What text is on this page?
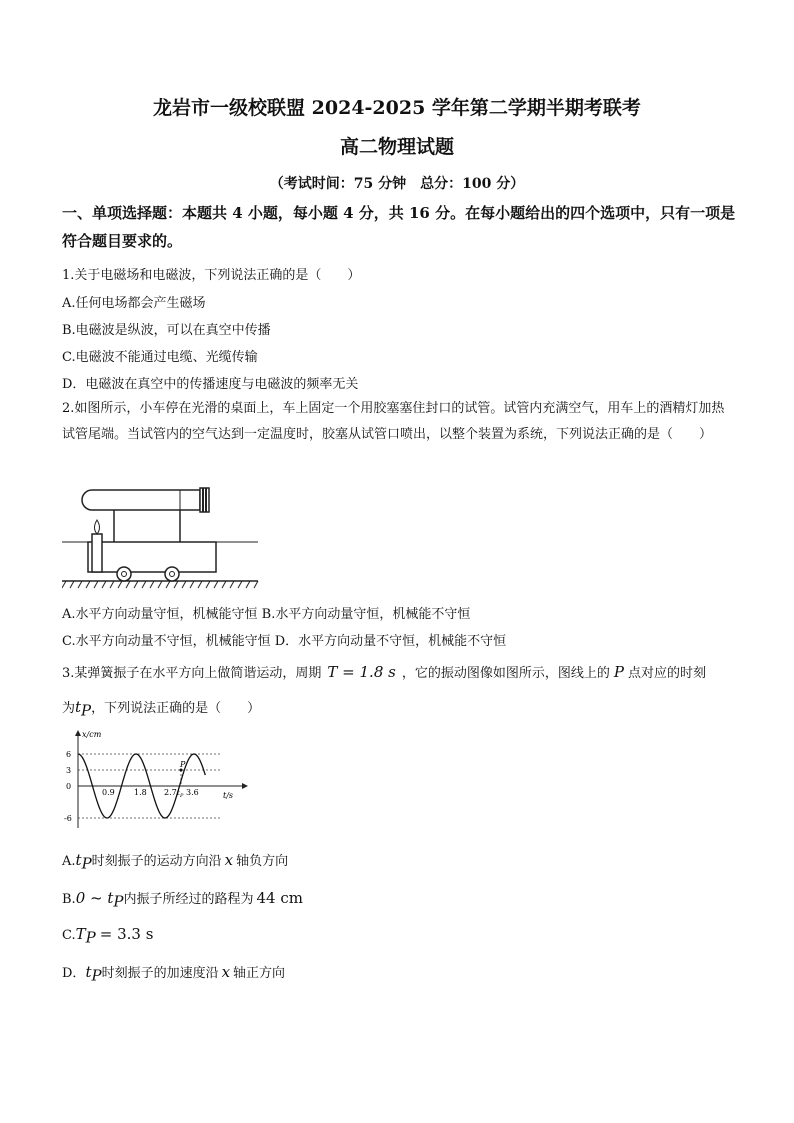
龙岩市一级校联盟 2024-2025 学年第二学期半期考联考
高二物理试题
（考试时间：75 分钟　总分：100 分）
一、单项选择题：本题共 4 小题，每小题 4 分，共 16 分。在每小题给出的四个选项中，只有一项是符合题目要求的。
1.关于电磁场和电磁波，下列说法正确的是（　　）
A.任何电场都会产生磁场
B.电磁波是纵波，可以在真空中传播
C.电磁波不能通过电缆、光缆传输
D．电磁波在真空中的传播速度与电磁波的频率无关
2.如图所示，小车停在光滑的桌面上，车上固定一个用胶塞塞住封口的试管。试管内充满空气，用车上的酒精灯加热试管尾端。当试管内的空气达到一定温度时，胶塞从试管口喷出，以整个装置为系统，下列说法正确的是（　　）
A.水平方向动量守恒，机械能守恒 B.水平方向动量守恒，机械能不守恒
C.水平方向动量不守恒，机械能守恒 D．水平方向动量不守恒，机械能不守恒
3.某弹簧振子在水平方向上做简谐运动，周期 T = 1.8 s ，它的振动图像如图所示，图线上的 P 点对应的时刻
为$t_P$，下列说法正确的是（　　）
x/cm
t/s
6
3
0
-6
0.9 1.8 2.7 t P 3.6
P
$A.t_P$时刻振子的运动方向沿 x 轴负方向
B.0 ~ $t_P$内振子所经过的路程为 44 cm
$C.T_P = 3.3$ s
D．$t_P$时刻振子的加速度沿 x 轴正方向
